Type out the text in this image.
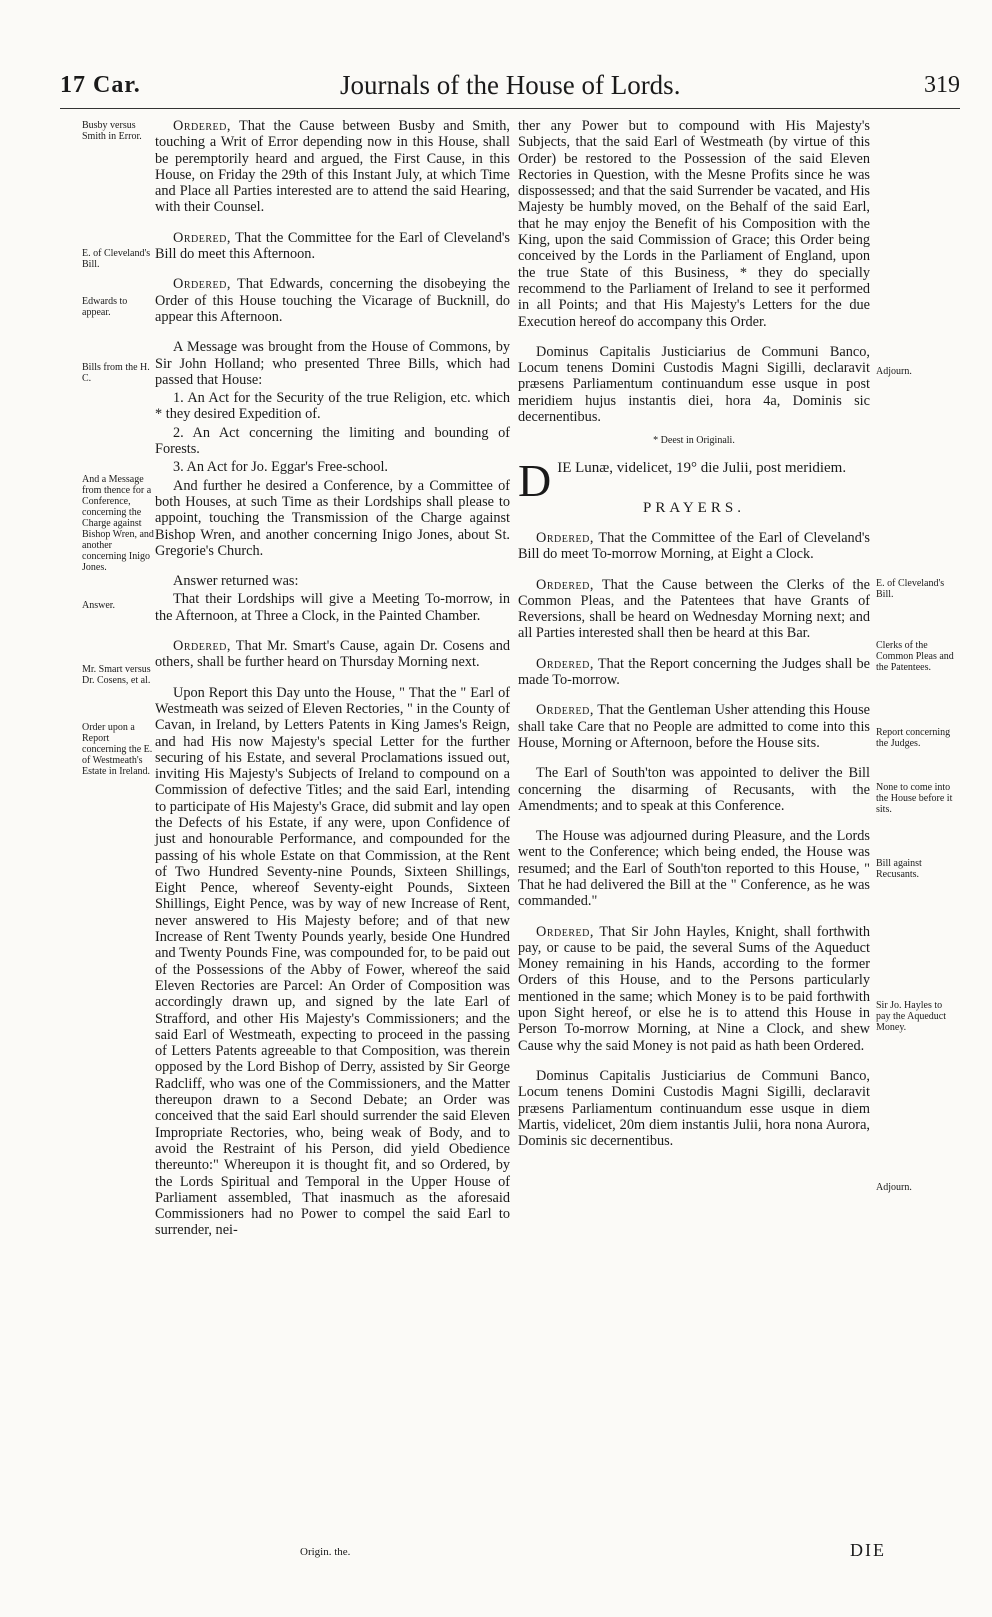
17 Car.	Journals of the House of Lords.	319
Busby versus Smith in Error.
E. of Cleveland's Bill.
Edwards to appear.
Bills from the H. C.
And a Message from thence for a Conference, concerning the Charge against Bishop Wren, and another concerning Inigo Jones.
Answer.
Mr. Smart versus Dr. Cosens, et al.
Order upon a Report concerning the E. of Westmeath's Estate in Ireland.
Adjourn.
E. of Cleveland's Bill.
Clerks of the Common Pleas and the Patentees.
Report concerning the Judges.
None to come into the House before it sits.
Bill against Recusants.
Sir Jo. Hayles to pay the Aqueduct Money.
Adjourn.

Ordered, That the Cause between Busby and Smith, touching a Writ of Error depending now in this House, shall be peremptorily heard and argued, the First Cause, in this House, on Friday the 29th of this Instant July, at which Time and Place all Parties interested are to attend the said Hearing, with their Counsel.

Ordered, That the Committee for the Earl of Cleveland's Bill do meet this Afternoon.

Ordered, That Edwards, concerning the disobeying the Order of this House touching the Vicarage of Bucknill, do appear this Afternoon.

A Message was brought from the House of Commons, by Sir John Holland; who presented Three Bills, which had passed that House:

1. An Act for the Security of the true Religion, etc. which * they desired Expedition of.

2. An Act concerning the limiting and bounding of Forests.

3. An Act for Jo. Eggar's Free-school.

And further he desired a Conference, by a Committee of both Houses, at such Time as their Lordships shall please to appoint, touching the Transmission of the Charge against Bishop Wren, and another concerning Inigo Jones, about St. Gregorie's Church.

Answer returned was:

That their Lordships will give a Meeting To-morrow, in the Afternoon, at Three a Clock, in the Painted Chamber.

Ordered, That Mr. Smart's Cause, again Dr. Cosens and others, shall be further heard on Thursday Morning next.

Upon Report this Day unto the House, " That the " Earl of Westmeath was seized of Eleven Rectories, " in the County of Cavan, in Ireland, by Letters Patents in King James's Reign, and had His now Majesty's special Letter for the further securing of his Estate, and several Proclamations issued out, inviting His Majesty's Subjects of Ireland to compound on a Commission of defective Titles; and the said Earl, intending to participate of His Majesty's Grace, did submit and lay open the Defects of his Estate, if any were, upon Confidence of just and honourable Performance, and compounded for the passing of his whole Estate on that Commission, at the Rent of Two Hundred Seventy-nine Pounds, Sixteen Shillings, Eight Pence, whereof Seventy-eight Pounds, Sixteen Shillings, Eight Pence, was by way of new Increase of Rent, never answered to His Majesty before; and of that new Increase of Rent Twenty Pounds yearly, beside One Hundred and Twenty Pounds Fine, was compounded for, to be paid out of the Possessions of the Abby of Fower, whereof the said Eleven Rectories are Parcel: An Order of Composition was accordingly drawn up, and signed by the late Earl of Strafford, and other His Majesty's Commissioners; and the said Earl of Westmeath, expecting to proceed in the passing of Letters Patents agreeable to that Composition, was therein opposed by the Lord Bishop of Derry, assisted by Sir George Radcliff, who was one of the Commissioners, and the Matter thereupon drawn to a Second Debate; an Order was conceived that the said Earl should surrender the said Eleven Impropriate Rectories, who, being weak of Body, and to avoid the Restraint of his Person, did yield Obedience thereunto:" Whereupon it is thought fit, and so Ordered, by the Lords Spiritual and Temporal in the Upper House of Parliament assembled, That inasmuch as the aforesaid Commissioners had no Power to compel the said Earl to surrender, nei-

ther any Power but to compound with His Majesty's Subjects, that the said Earl of Westmeath (by virtue of this Order) be restored to the Possession of the said Eleven Rectories in Question, with the Mesne Profits since he was dispossessed; and that the said Surrender be vacated, and His Majesty be humbly moved, on the Behalf of the said Earl, that he may enjoy the Benefit of his Composition with the King, upon the said Commission of Grace; this Order being conceived by the Lords in the Parliament of England, upon the true State of this Business, * they do specially recommend to the Parliament of Ireland to see it performed in all Points; and that His Majesty's Letters for the due Execution hereof do accompany this Order.

Dominus Capitalis Justiciarius de Communi Banco, Locum tenens Domini Custodis Magni Sigilli, declaravit præsens Parliamentum continuandum esse usque in post meridiem hujus instantis diei, hora 4a, Dominis sic decernentibus.

* Deest in Originali.

D IE Lunæ, videlicet, 19° die Julii, post meridiem.

PRAYERS.

Ordered, That the Committee of the Earl of Cleveland's Bill do meet To-morrow Morning, at Eight a Clock.

Ordered, That the Cause between the Clerks of the Common Pleas, and the Patentees that have Grants of Reversions, shall be heard on Wednesday Morning next; and all Parties interested shall then be heard at this Bar.

Ordered, That the Report concerning the Judges shall be made To-morrow.

Ordered, That the Gentleman Usher attending this House shall take Care that no People are admitted to come into this House, Morning or Afternoon, before the House sits.

The Earl of South'ton was appointed to deliver the Bill concerning the disarming of Recusants, with the Amendments; and to speak at this Conference.

The House was adjourned during Pleasure, and the Lords went to the Conference; which being ended, the House was resumed; and the Earl of South'ton reported to this House, " That he had delivered the Bill at the " Conference, as he was commanded."

Ordered, That Sir John Hayles, Knight, shall forthwith pay, or cause to be paid, the several Sums of the Aqueduct Money remaining in his Hands, according to the former Orders of this House, and to the Persons particularly mentioned in the same; which Money is to be paid forthwith upon Sight hereof, or else he is to attend this House in Person To-morrow Morning, at Nine a Clock, and shew Cause why the said Money is not paid as hath been Ordered.

Dominus Capitalis Justiciarius de Communi Banco, Locum tenens Domini Custodis Magni Sigilli, declaravit præsens Parliamentum continuandum esse usque in diem Martis, videlicet, 20m diem instantis Julii, hora nona Aurora, Dominis sic decernentibus.

Origin. the.	DIE
